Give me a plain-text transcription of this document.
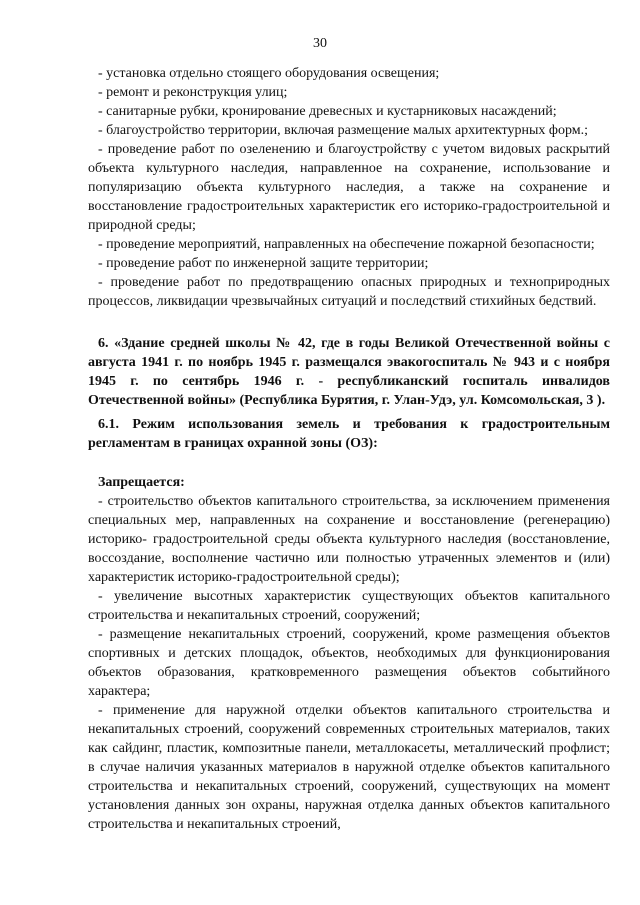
30

- установка отдельно стоящего оборудования освещения;

- ремонт и реконструкция улиц;

- санитарные рубки, кронирование древесных и кустарниковых насаждений;

- благоустройство территории, включая размещение малых архитектурных форм.;

- проведение работ по озеленению и благоустройству с учетом видовых раскрытий объекта культурного наследия, направленное на сохранение, использование и популяризацию объекта культурного наследия, а также на сохранение и восстановление градостроительных характеристик его историко-градостроительной и природной среды;

- проведение мероприятий, направленных на обеспечение пожарной безопасности;

- проведение работ по инженерной защите территории;

- проведение работ по предотвращению опасных природных и технoприродных процессов, ликвидации чрезвычайных ситуаций и последствий стихийных бедствий.

6. «Здание средней школы № 42, где в годы Великой Отечественной войны с августа 1941 г. по ноябрь 1945 г. размещался эвакогоспиталь № 943 и с ноября 1945 г. по сентябрь 1946 г. - республиканский госпиталь инвалидов Отечественной войны» (Республика Бурятия, г. Улан-Удэ, ул. Комсомольская, 3 ).

6.1. Режим использования земель и требования к градостроительным регламентам в границах охранной зоны (ОЗ):

Запрещается:

- строительство объектов капитального строительства, за исключением применения специальных мер, направленных на сохранение и восстановление (регенерацию) историко- градостроительной среды объекта культурного наследия (восстановление, воссоздание, восполнение частично или полностью утраченных элементов и (или) характеристик историко-градостроительной среды);

- увеличение высотных характеристик существующих объектов капитального строительства и некапитальных строений, сооружений;

- размещение некапитальных строений, сооружений, кроме размещения объектов спортивных и детских площадок, объектов, необходимых для функционирования объектов образования, кратковременного размещения объектов событийного характера;

- применение для наружной отделки объектов капитального строительства и некапитальных строений, сооружений современных строительных материалов, таких как сайдинг, пластик, композитные панели, металлокасеты, металлический профлист; в случае наличия указанных материалов в наружной отделке объектов капитального строительства и некапитальных строений, сооружений, существующих на момент установления данных зон охраны, наружная отделка данных объектов капитального строительства и некапитальных строений,
